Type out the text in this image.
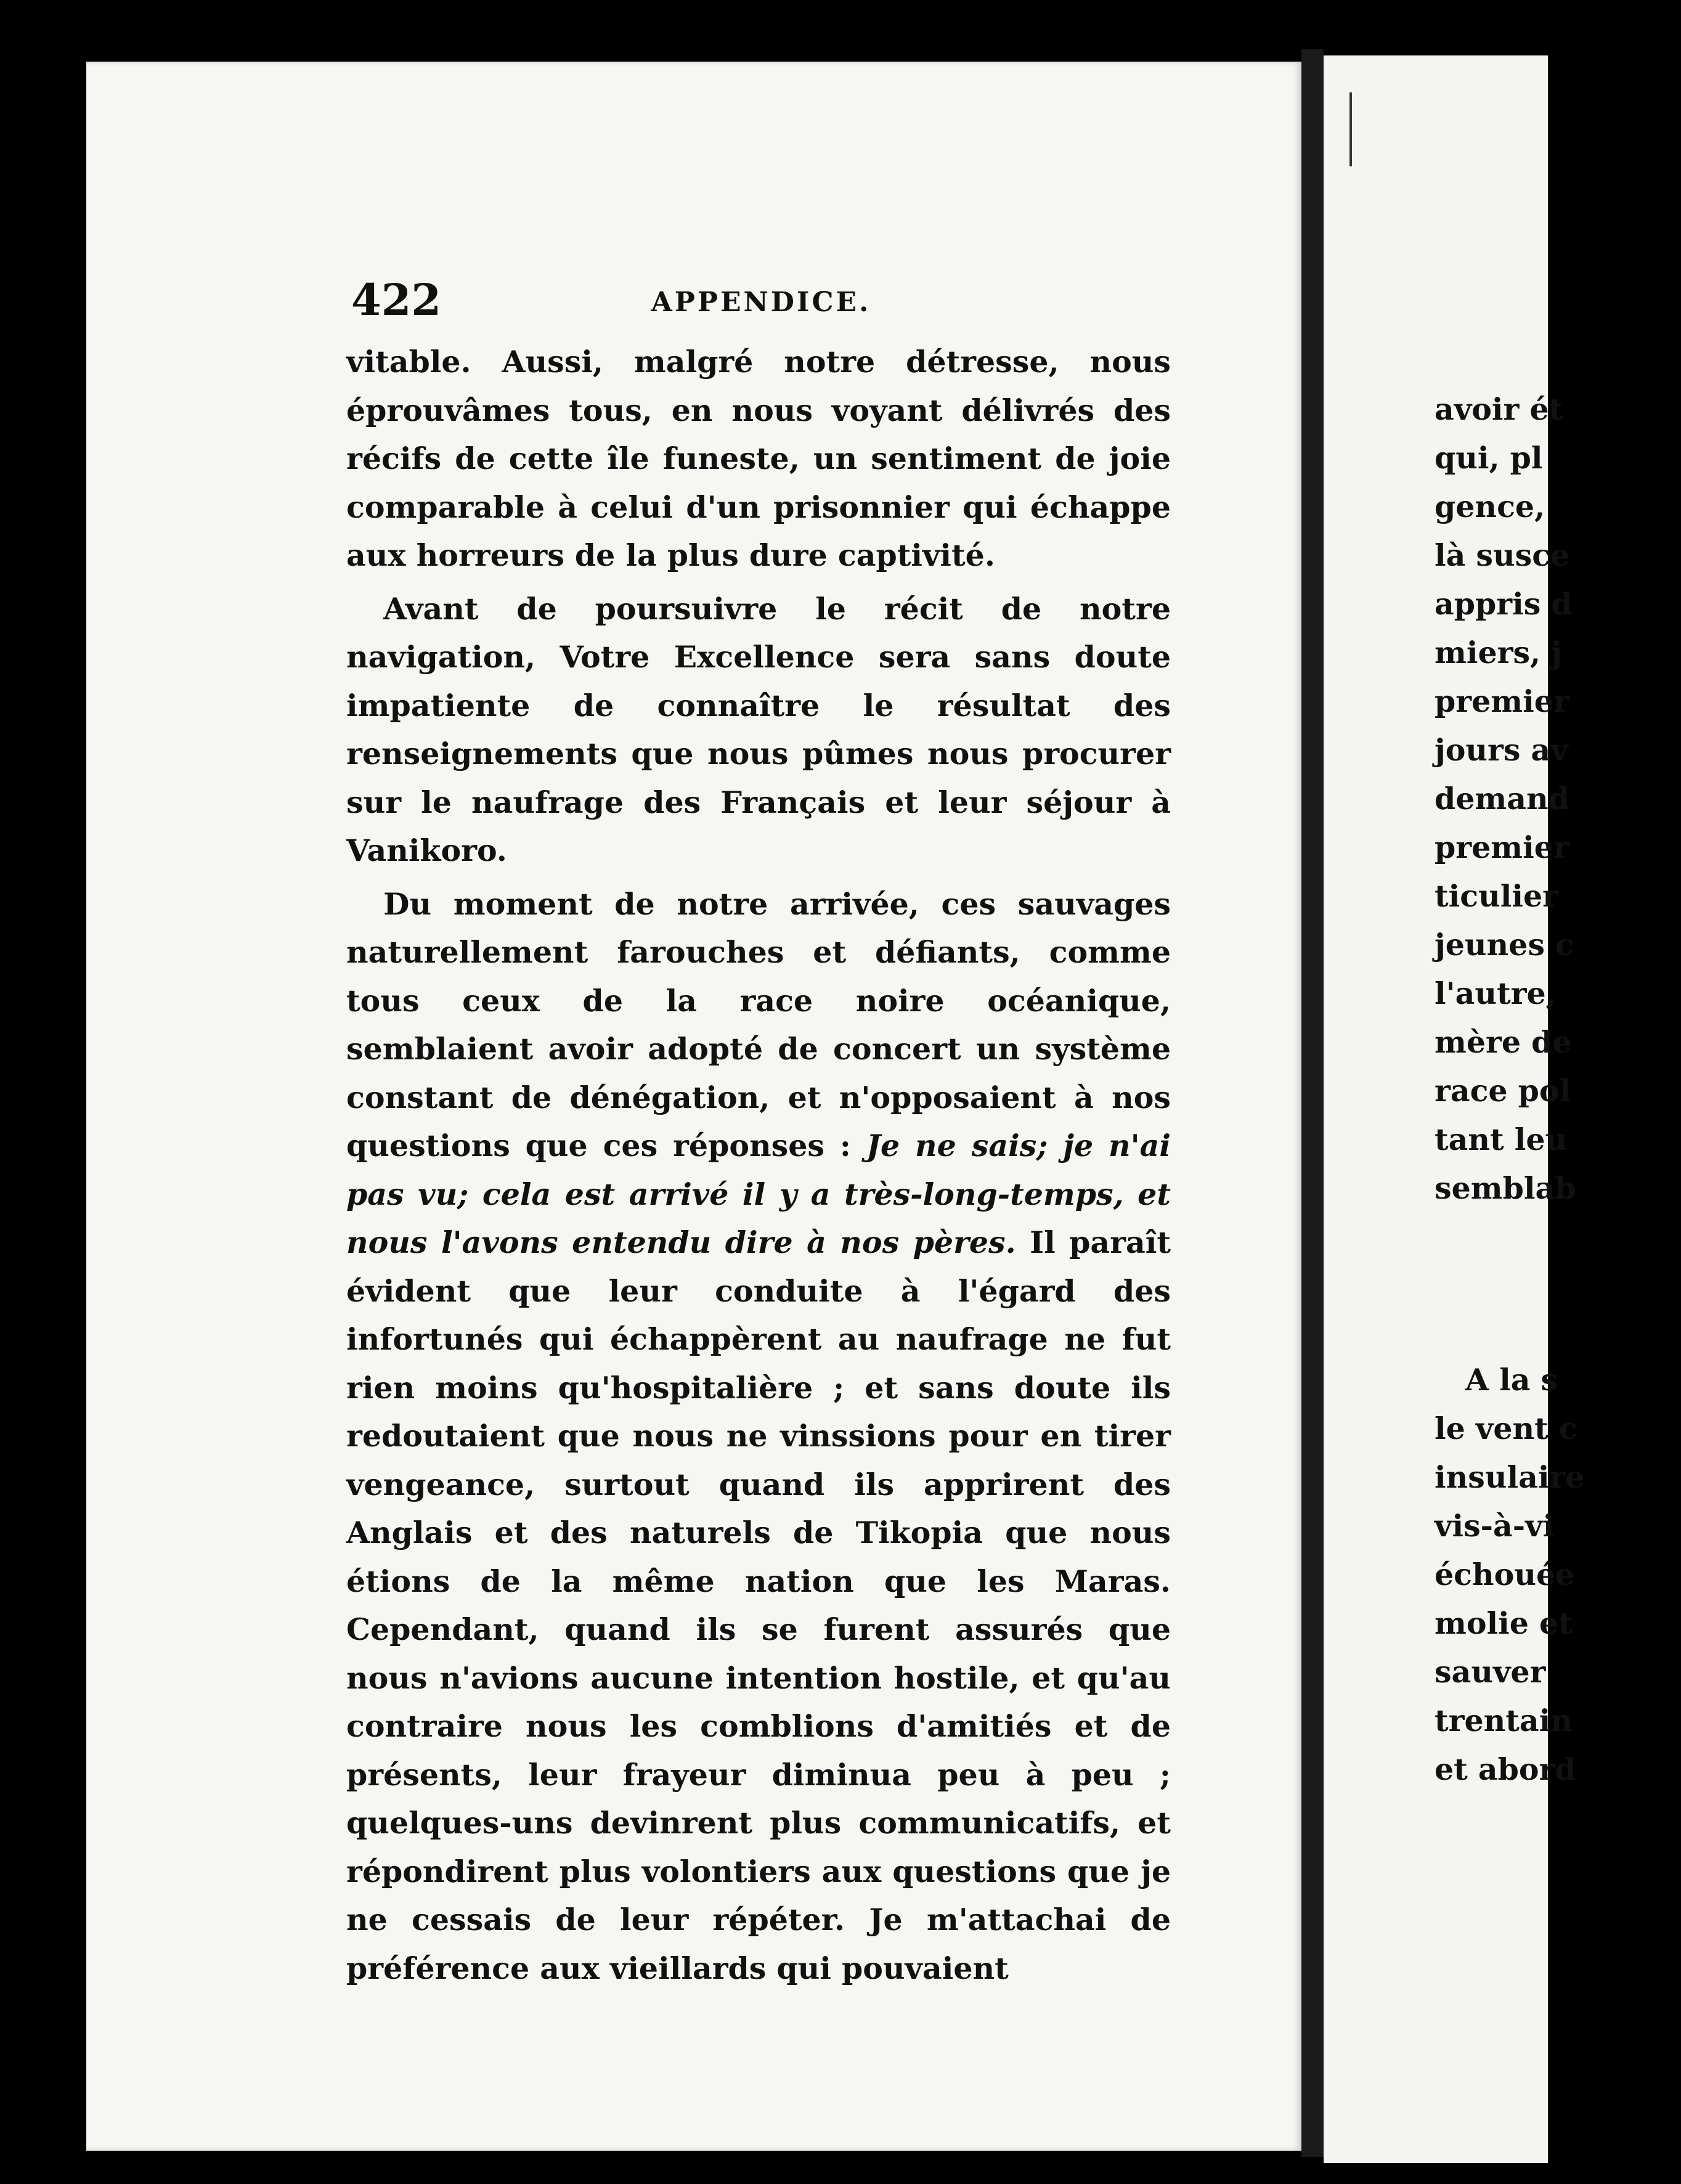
avoir ét
qui, pl
gence,
là susce
appris d
miers, j
premier
jours av
demand
premier
ticulier
jeunes c
l'autre,
mère de
race pol
tant leu
semblab
A la s
le vent c
insulaire
vis-à-vi
échouée
molie et
sauver
trentain
et abord
422	APPENDICE.

vitable. Aussi, malgré notre détresse, nous éprouvâmes tous, en nous voyant délivrés des récifs de cette île funeste, un sentiment de joie comparable à celui d'un prisonnier qui échappe aux horreurs de la plus dure captivité.

Avant de poursuivre le récit de notre navigation, Votre Excellence sera sans doute impatiente de connaître le résultat des renseignements que nous pûmes nous procurer sur le naufrage des Français et leur séjour à Vanikoro.

Du moment de notre arrivée, ces sauvages naturellement farouches et défiants, comme tous ceux de la race noire océanique, semblaient avoir adopté de concert un système constant de dénégation, et n'opposaient à nos questions que ces réponses : Je ne sais; je n'ai pas vu; cela est arrivé il y a très-long-temps, et nous l'avons entendu dire à nos pères. Il paraît évident que leur conduite à l'égard des infortunés qui échappèrent au naufrage ne fut rien moins qu'hospitalière ; et sans doute ils redoutaient que nous ne vinssions pour en tirer vengeance, surtout quand ils apprirent des Anglais et des naturels de Tikopia que nous étions de la même nation que les Maras. Cependant, quand ils se furent assurés que nous n'avions aucune intention hostile, et qu'au contraire nous les comblions d'amitiés et de présents, leur frayeur diminua peu à peu ; quelques-uns devinrent plus communicatifs, et répondirent plus volontiers aux questions que je ne cessais de leur répéter. Je m'attachai de préférence aux vieillards qui pouvaient
